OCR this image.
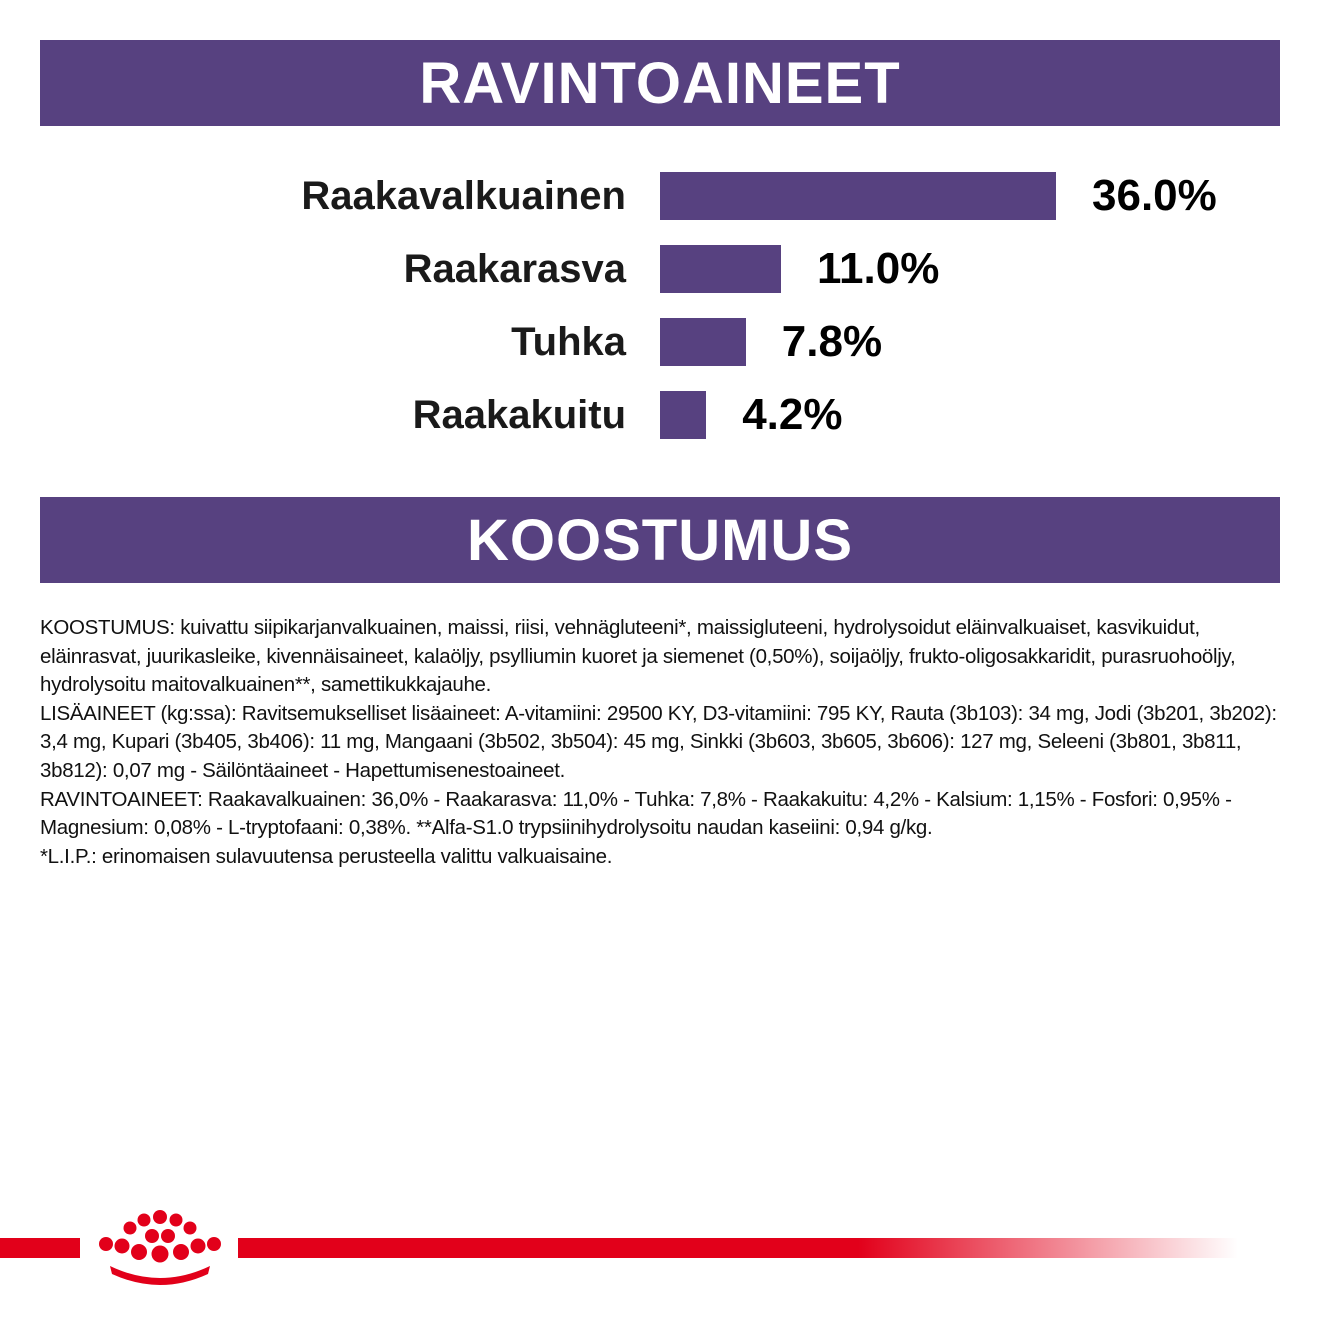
RAVINTOAINEET
Raakavalkuainen	36.0%
Raakarasva	11.0%
Tuhka	7.8%
Raakakuitu	4.2%
KOOSTUMUS

KOOSTUMUS: kuivattu siipikarjanvalkuainen, maissi, riisi, vehnägluteeni*, maissigluteeni, hydrolysoidut eläinvalkuaiset, kasvikuidut, eläinrasvat, juurikasleike, kivennäisaineet, kalaöljy, psylliumin kuoret ja siemenet (0,50%), soijaöljy, frukto-oligosakkaridit, purasruohoöljy, hydrolysoitu maitovalkuainen**, samettikukkajauhe.

LISÄAINEET (kg:ssa): Ravitsemukselliset lisäaineet: A-vitamiini: 29500 KY, D3-vitamiini: 795 KY, Rauta (3b103): 34 mg, Jodi (3b201, 3b202): 3,4 mg, Kupari (3b405, 3b406): 11 mg, Mangaani (3b502, 3b504): 45 mg, Sinkki (3b603, 3b605, 3b606): 127 mg, Seleeni (3b801, 3b811, 3b812): 0,07 mg - Säilöntäaineet - Hapettumisenestoaineet.

RAVINTOAINEET: Raakavalkuainen: 36,0% - Raakarasva: 11,0% - Tuhka: 7,8% - Raakakuitu: 4,2% - Kalsium: 1,15% - Fosfori: 0,95% - Magnesium: 0,08% - L-tryptofaani: 0,38%. **Alfa-S1.0 trypsiinihydrolysoitu naudan kaseiini: 0,94 g/kg.

*L.I.P.: erinomaisen sulavuutensa perusteella valittu valkuaisaine.
